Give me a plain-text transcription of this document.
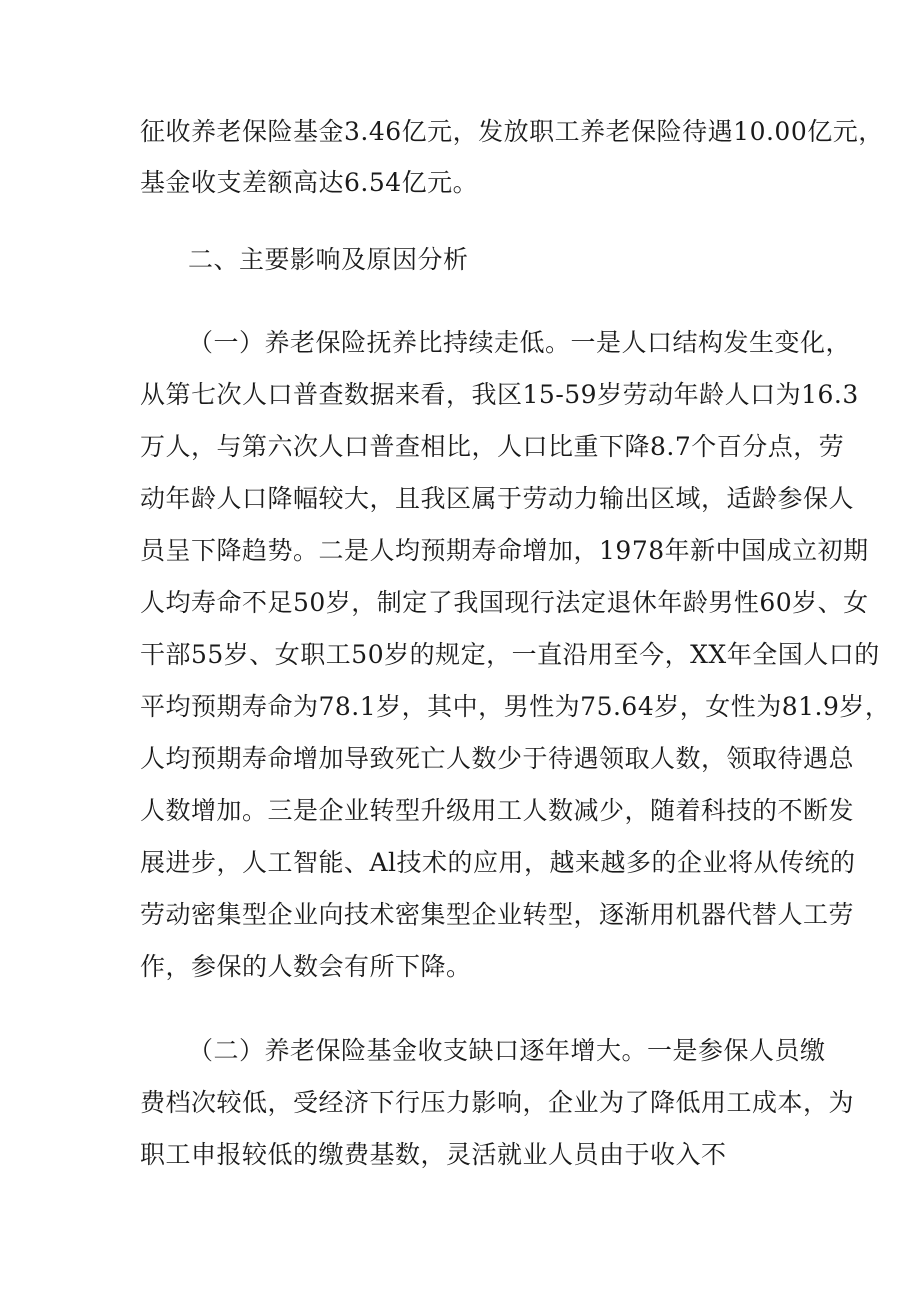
征收养老保险基金3.46亿元，发放职工养老保险待遇10.00亿元，
基金收支差额高达6.54亿元。
二、主要影响及原因分析
（一）养老保险抚养比持续走低。一是人口结构发生变化，
从第七次人口普查数据来看，我区15-59岁劳动年龄人口为16.3
万人，与第六次人口普查相比，人口比重下降8.7个百分点，劳
动年龄人口降幅较大，且我区属于劳动力输出区域，适龄参保人
员呈下降趋势。二是人均预期寿命增加，1978年新中国成立初期
人均寿命不足50岁，制定了我国现行法定退休年龄男性60岁、女
干部55岁、女职工50岁的规定，一直沿用至今，XX年全国人口的
平均预期寿命为78.1岁，其中，男性为75.64岁，女性为81.9岁，
人均预期寿命增加导致死亡人数少于待遇领取人数，领取待遇总
人数增加。三是企业转型升级用工人数减少，随着科技的不断发
展进步，人工智能、Al技术的应用，越来越多的企业将从传统的
劳动密集型企业向技术密集型企业转型，逐渐用机器代替人工劳
作，参保的人数会有所下降。
（二）养老保险基金收支缺口逐年增大。一是参保人员缴
费档次较低，受经济下行压力影响，企业为了降低用工成本，为
职工申报较低的缴费基数，灵活就业人员由于收入不
